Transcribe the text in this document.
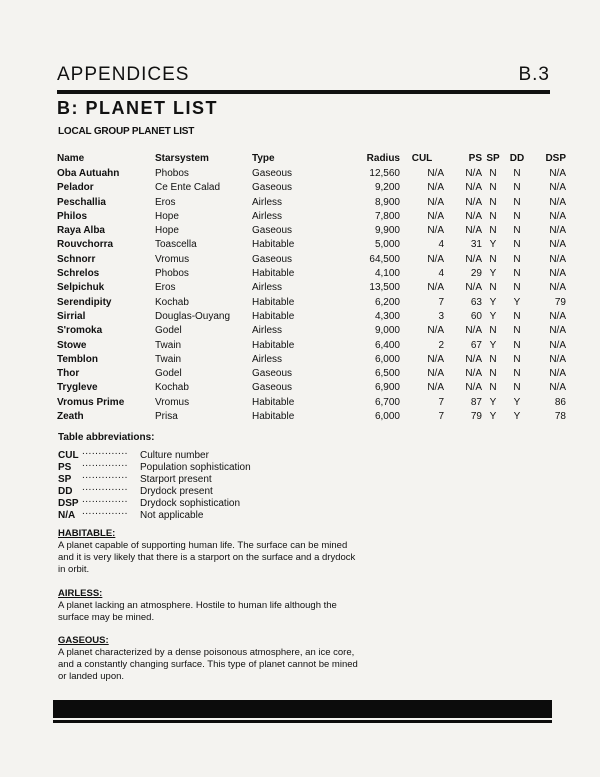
APPENDICES	B.3
B: PLANET LIST
LOCAL GROUP PLANET LIST
Name	Starsystem	Type	Radius	CUL	PS	SP	DD	DSP
Oba Autuahn	Phobos	Gaseous	12,560	N/A	N/A	N	N	N/A
Pelador	Ce Ente Calad	Gaseous	9,200	N/A	N/A	N	N	N/A
Peschallia	Eros	Airless	8,900	N/A	N/A	N	N	N/A
Philos	Hope	Airless	7,800	N/A	N/A	N	N	N/A
Raya Alba	Hope	Gaseous	9,900	N/A	N/A	N	N	N/A
Rouvchorra	Toascella	Habitable	5,000	4	31	Y	N	N/A
Schnorr	Vromus	Gaseous	64,500	N/A	N/A	N	N	N/A
Schrelos	Phobos	Habitable	4,100	4	29	Y	N	N/A
Selpichuk	Eros	Airless	13,500	N/A	N/A	N	N	N/A
Serendipity	Kochab	Habitable	6,200	7	63	Y	Y	79
Sirrial	Douglas-Ouyang	Habitable	4,300	3	60	Y	N	N/A
S'romoka	Godel	Airless	9,000	N/A	N/A	N	N	N/A
Stowe	Twain	Habitable	6,400	2	67	Y	N	N/A
Temblon	Twain	Airless	6,000	N/A	N/A	N	N	N/A
Thor	Godel	Gaseous	6,500	N/A	N/A	N	N	N/A
Trygleve	Kochab	Gaseous	6,900	N/A	N/A	N	N	N/A
Vromus Prime	Vromus	Habitable	6,700	7	87	Y	Y	86
Zeath	Prisa	Habitable	6,000	7	79	Y	Y	78
Table abbreviations:
CUL .............. Culture number
PS .............. Population sophistication
SP .............. Starport present
DD .............. Drydock present
DSP .............. Drydock sophistication
N/A .............. Not applicable
HABITABLE:
A planet capable of supporting human life. The surface can be mined and it is very likely that there is a starport on the surface and a drydock in orbit.
AIRLESS:
A planet lacking an atmosphere. Hostile to human life although the surface may be mined.
GASEOUS:
A planet characterized by a dense poisonous atmosphere, an ice core, and a constantly changing surface. This type of planet cannot be mined or landed upon.
